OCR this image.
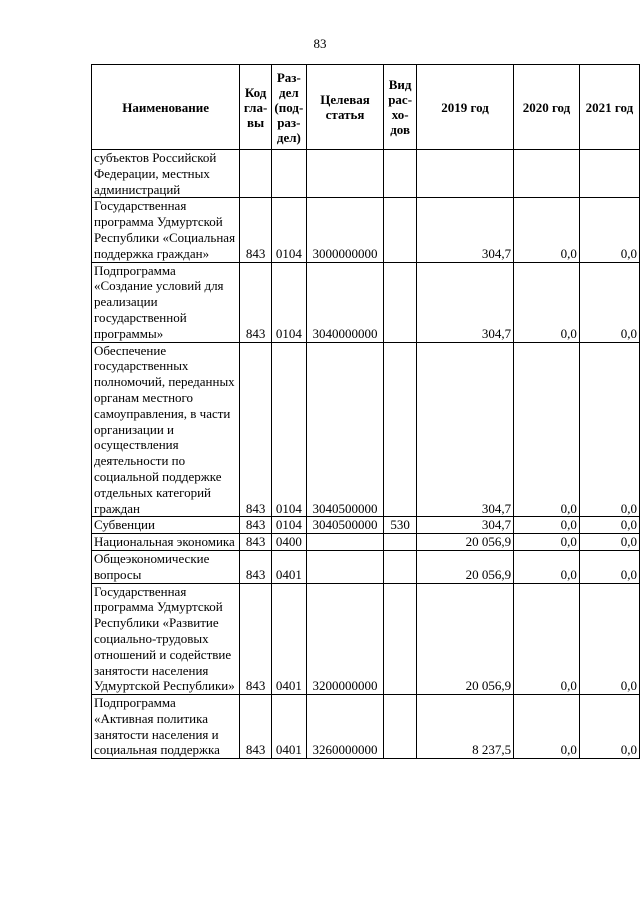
83
Наименование	Код гла- вы	Раз- дел (под- раз- дел)	Целевая статья	Вид рас- хо- дов	2019 год	2020 год	2021 год
субъектов Российской Федерации, местных администраций							
Государственная программа Удмуртской Республики «Социальная поддержка граждан»	843	0104	3000000000		304,7	0,0	0,0
Подпрограмма «Создание условий для реализации государственной программы»	843	0104	3040000000		304,7	0,0	0,0
Обеспечение государственных полномочий, переданных органам местного самоуправления, в части организации и осуществления деятельности по социальной поддержке отдельных категорий граждан	843	0104	3040500000		304,7	0,0	0,0
Субвенции	843	0104	3040500000	530	304,7	0,0	0,0
Национальная экономика	843	0400			20 056,9	0,0	0,0
Общеэкономические вопросы	843	0401			20 056,9	0,0	0,0
Государственная программа Удмуртской Республики «Развитие социально-трудовых отношений и содействие занятости населения Удмуртской Республики»	843	0401	3200000000		20 056,9	0,0	0,0
Подпрограмма «Активная политика занятости населения и социальная поддержка	843	0401	3260000000		8 237,5	0,0	0,0
